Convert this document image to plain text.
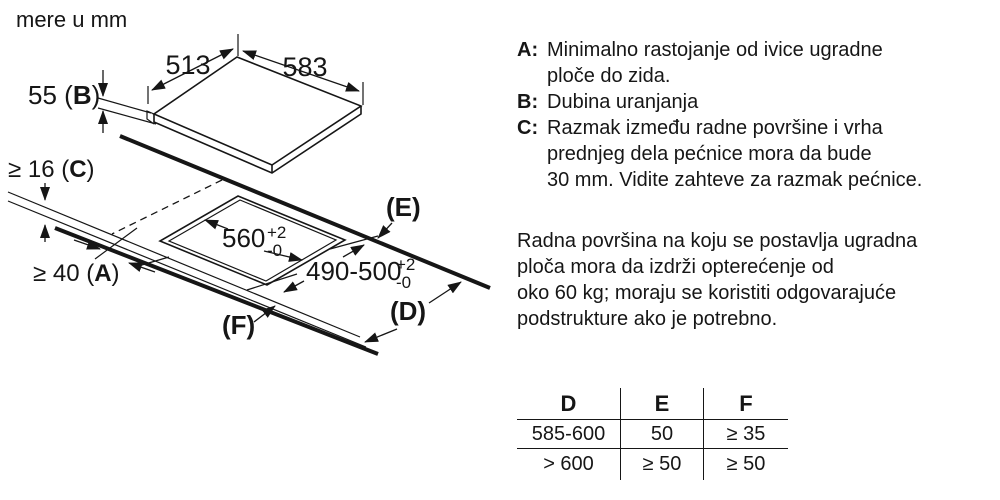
mere u mm
513	583
55 (B)
≥ 16 (C)
≥ 40 (A)
560 +2
-0
490-500
+2
-0
(E)
(D)
(F)
A: Minimalno rastojanje od ivice ugradne
ploče do zida.
B: Dubina uranjanja
C: Razmak između radne površine i vrha
prednjeg dela pećnice mora da bude
30 mm. Vidite zahteve za razmak pećnice.
Radna površina na koju se postavlja ugradna
ploča mora da izdrži opterećenje od
oko 60 kg; moraju se koristiti odgovarajuće
podstrukture ako je potrebno.
D	E	F
585-600	50	≥ 35
> 600	≥ 50	≥ 50
